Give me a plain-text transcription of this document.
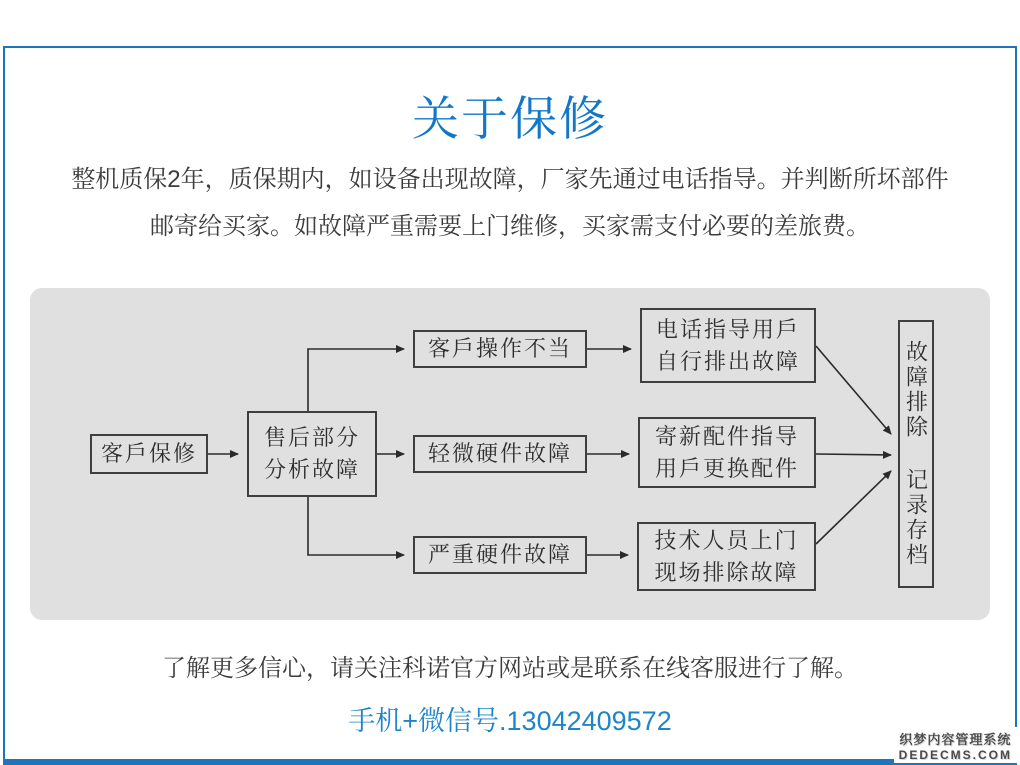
关于保修
整机质保2年，质保期内，如设备出现故障，厂家先通过电话指导。并判断所坏部件
邮寄给买家。如故障严重需要上门维修，买家需支付必要的差旅费。
客戶保修
售后部分
分析故障
客戶操作不当
轻微硬件故障
严重硬件故障
电话指导用戶
自行排出故障
寄新配件指导
用戶更换配件
技术人员上门
现场排除故障
故障排除 记录存档
了解更多信心，请关注科诺官方网站或是联系在线客服进行了解。
手机+微信号.13042409572
织梦内容管理系统
DEDECMS.COM
